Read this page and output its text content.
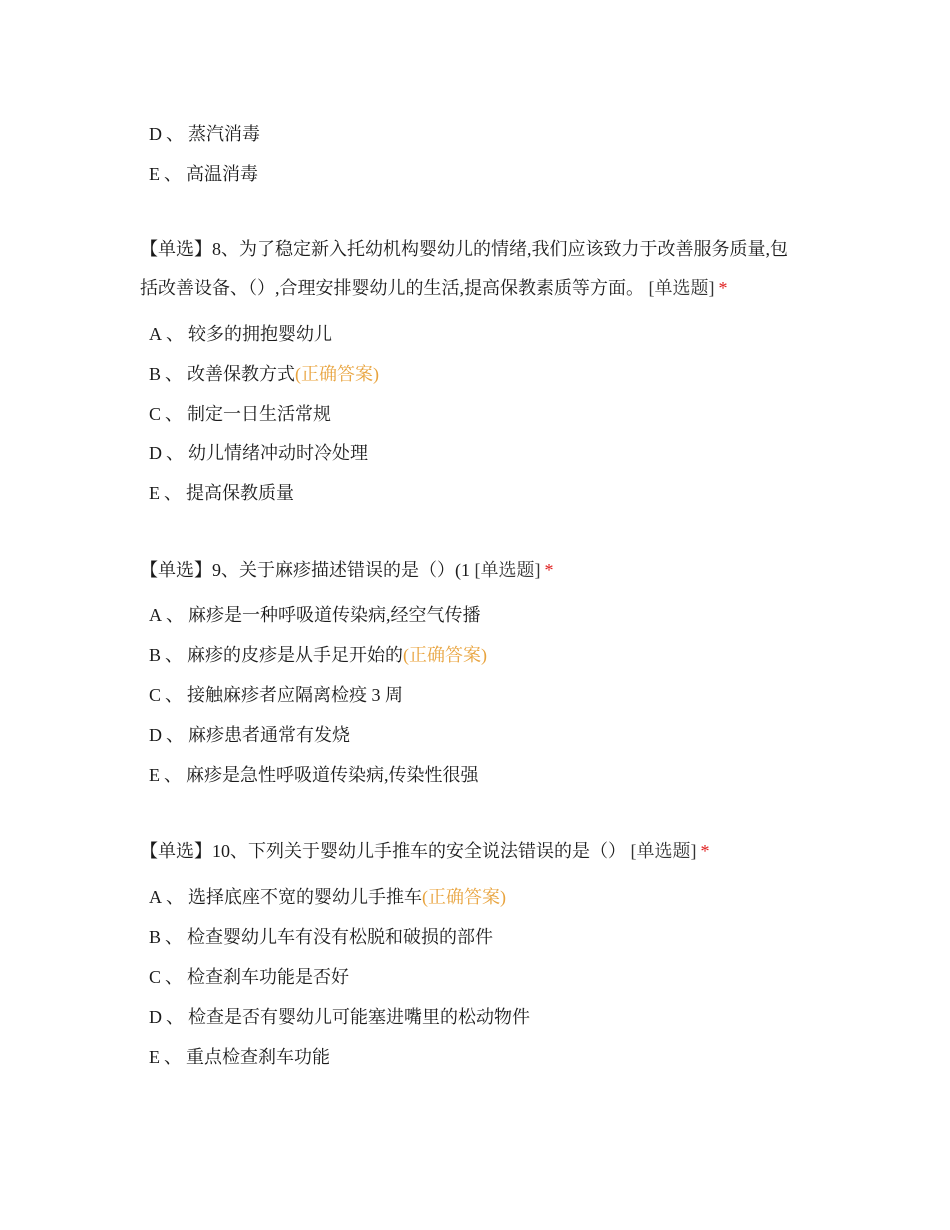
D 、 蒸汽消毒
E 、 高温消毒
【单选】8、为了稳定新入托幼机构婴幼儿的情绪,我们应该致力于改善服务质量,包
括改善设备、（）,合理安排婴幼儿的生活,提高保教素质等方面。 [单选题] *
A 、 较多的拥抱婴幼儿
B 、 改善保教方式(正确答案)
C 、 制定一日生活常规
D 、 幼儿情绪冲动时冷处理
E 、 提高保教质量
【单选】9、关于麻疹描述错误的是（）(1 [单选题] *
A 、 麻疹是一种呼吸道传染病,经空气传播
B 、 麻疹的皮疹是从手足开始的(正确答案)
C 、 接触麻疹者应隔离检疫 3 周
D 、 麻疹患者通常有发烧
E 、 麻疹是急性呼吸道传染病,传染性很强
【单选】10、下列关于婴幼儿手推车的安全说法错误的是（） [单选题] *
A 、 选择底座不宽的婴幼儿手推车(正确答案)
B 、 检查婴幼儿车有没有松脱和破损的部件
C 、 检查刹车功能是否好
D 、 检查是否有婴幼儿可能塞进嘴里的松动物件
E 、 重点检查刹车功能
